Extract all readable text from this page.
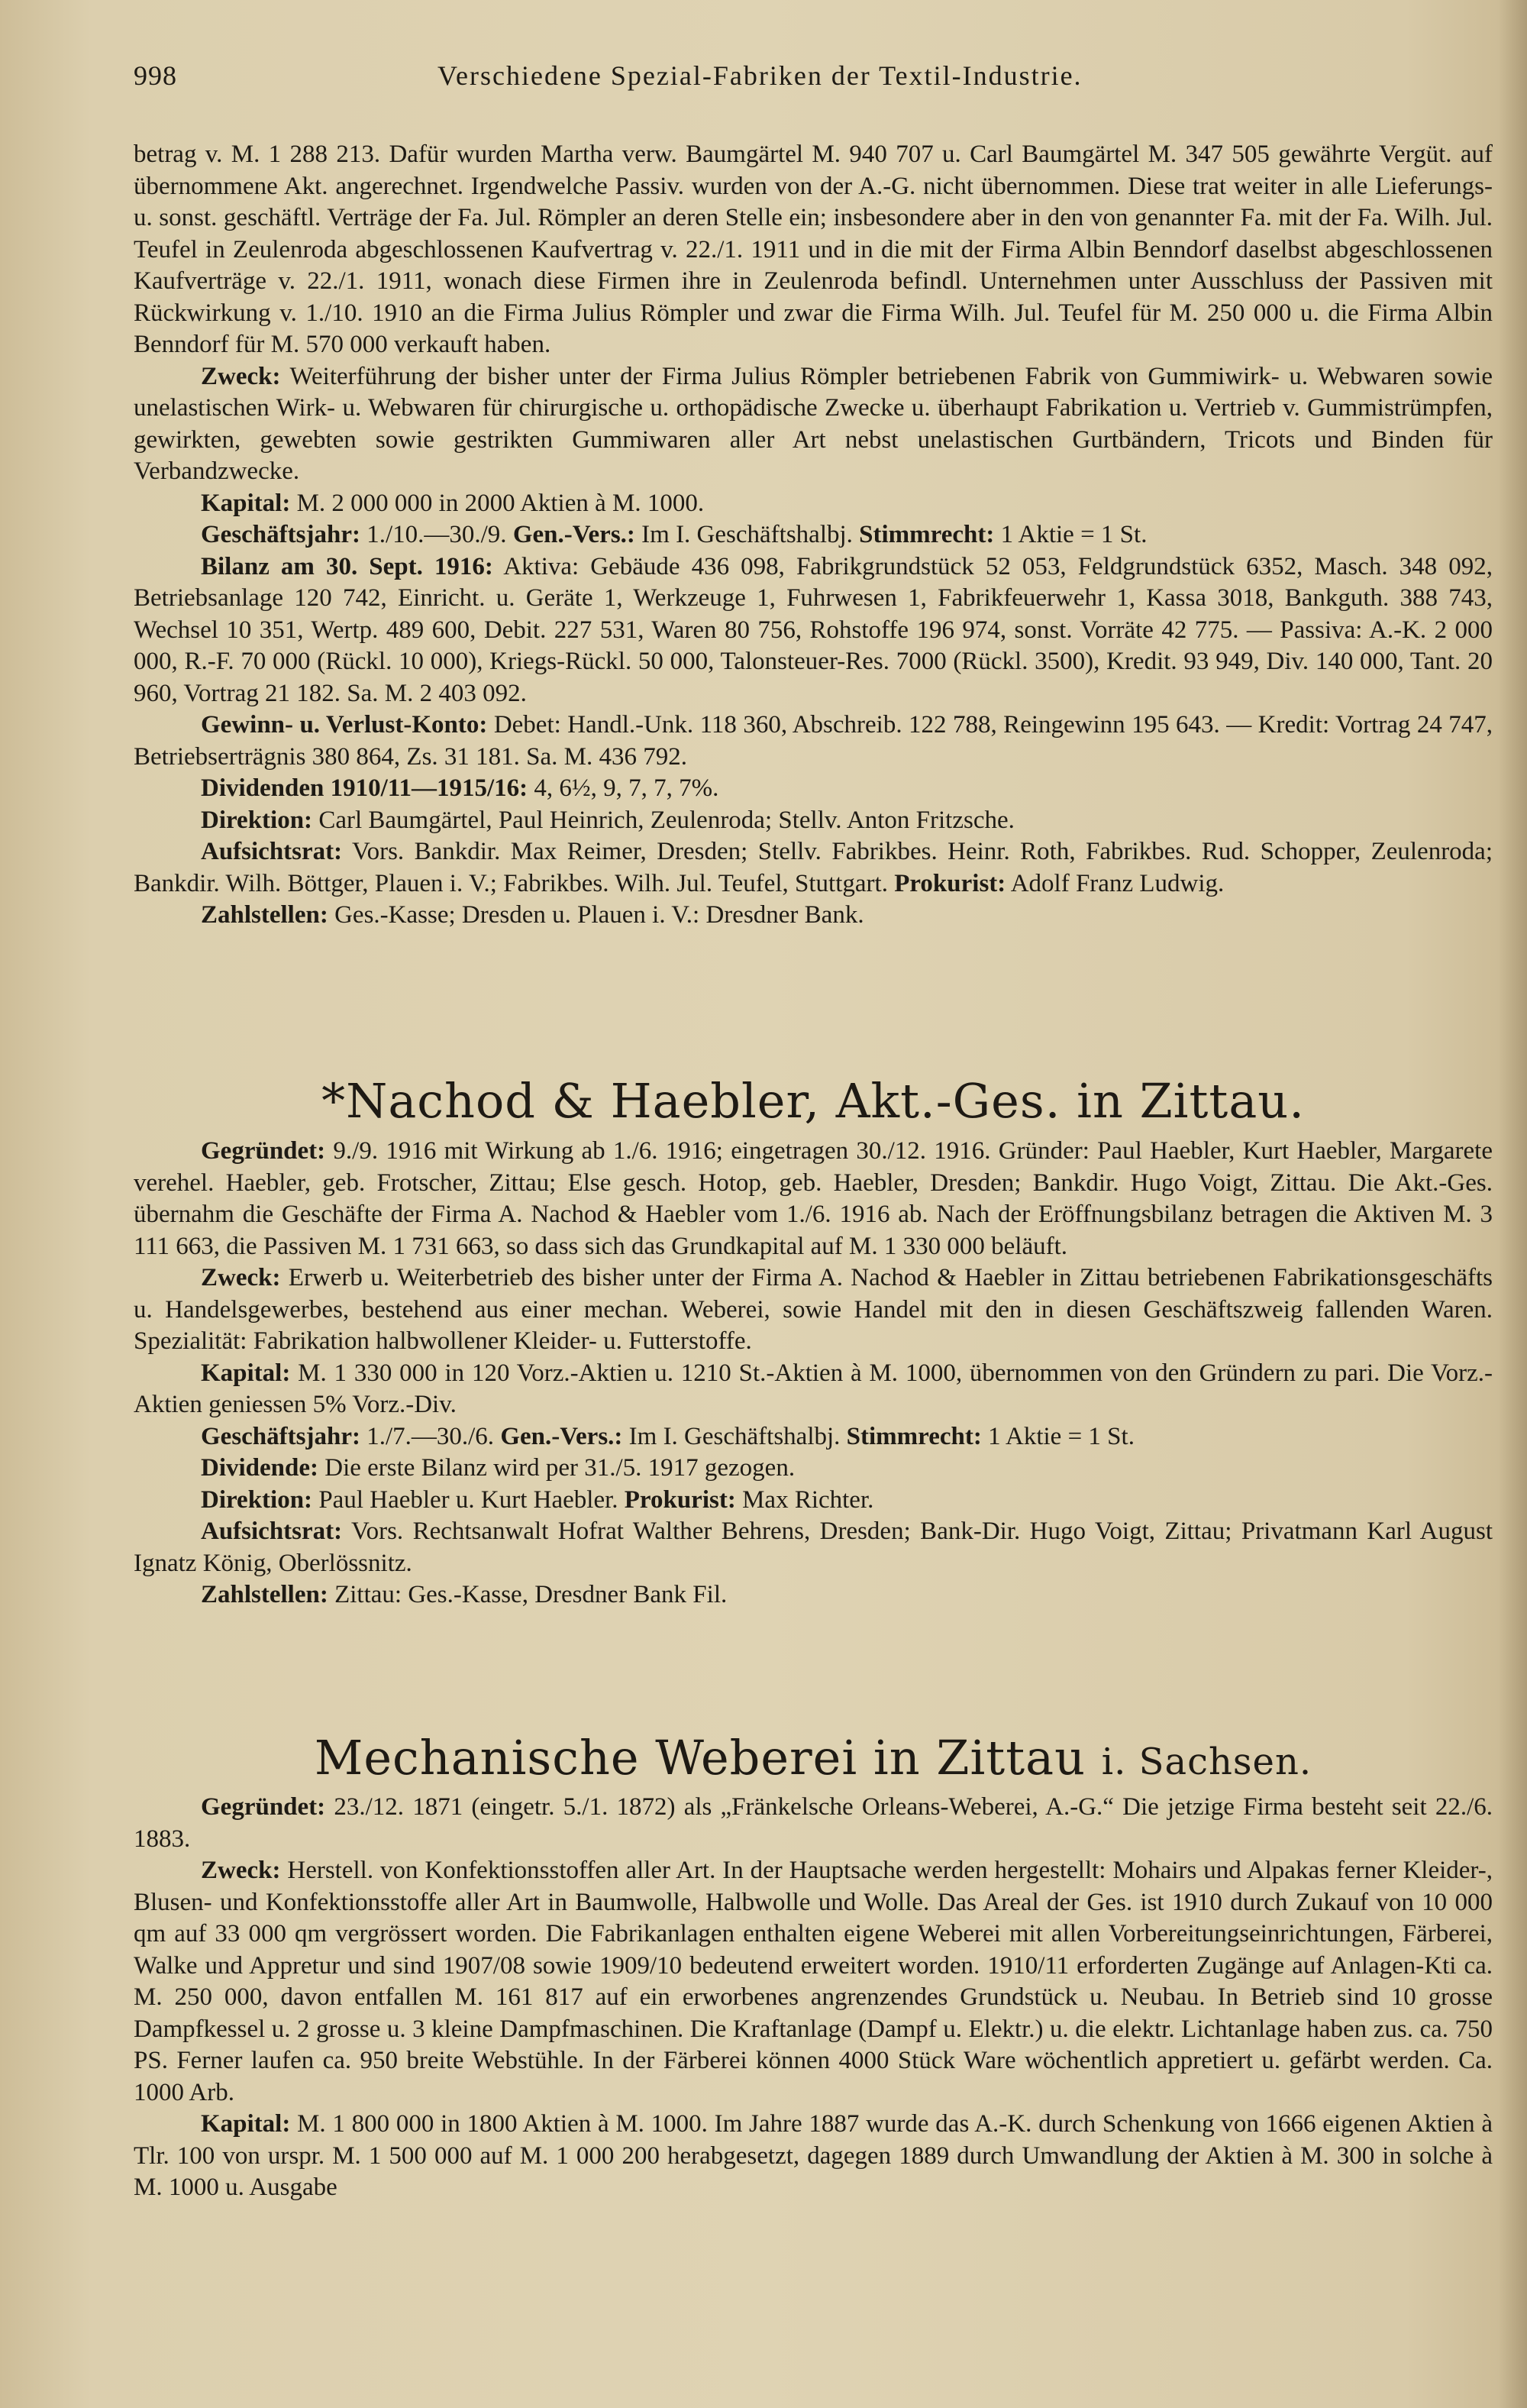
998	Verschiedene Spezial-Fabriken der Textil-Industrie.

betrag v. M. 1 288 213. Dafür wurden Martha verw. Baumgärtel M. 940 707 u. Carl Baumgärtel M. 347 505 gewährte Vergüt. auf übernommene Akt. angerechnet. Irgendwelche Passiv. wurden von der A.-G. nicht übernommen. Diese trat weiter in alle Lieferungs- u. sonst. geschäftl. Verträge der Fa. Jul. Römpler an deren Stelle ein; insbesondere aber in den von genannter Fa. mit der Fa. Wilh. Jul. Teufel in Zeulenroda abgeschlossenen Kaufvertrag v. 22./1. 1911 und in die mit der Firma Albin Benndorf daselbst abgeschlossenen Kaufverträge v. 22./1. 1911, wonach diese Firmen ihre in Zeulenroda befindl. Unternehmen unter Ausschluss der Passiven mit Rückwirkung v. 1./10. 1910 an die Firma Julius Römpler und zwar die Firma Wilh. Jul. Teufel für M. 250 000 u. die Firma Albin Benndorf für M. 570 000 verkauft haben.

Zweck: Weiterführung der bisher unter der Firma Julius Römpler betriebenen Fabrik von Gummiwirk- u. Webwaren sowie unelastischen Wirk- u. Webwaren für chirurgische u. orthopädische Zwecke u. überhaupt Fabrikation u. Vertrieb v. Gummistrümpfen, gewirkten, gewebten sowie gestrikten Gummiwaren aller Art nebst unelastischen Gurtbändern, Tricots und Binden für Verbandzwecke.

Kapital: M. 2 000 000 in 2000 Aktien à M. 1000.

Geschäftsjahr: 1./10.—30./9. Gen.-Vers.: Im I. Geschäftshalbj. Stimmrecht: 1 Aktie = 1 St.

Bilanz am 30. Sept. 1916: Aktiva: Gebäude 436 098, Fabrikgrundstück 52 053, Feldgrundstück 6352, Masch. 348 092, Betriebsanlage 120 742, Einricht. u. Geräte 1, Werkzeuge 1, Fuhrwesen 1, Fabrikfeuerwehr 1, Kassa 3018, Bankguth. 388 743, Wechsel 10 351, Wertp. 489 600, Debit. 227 531, Waren 80 756, Rohstoffe 196 974, sonst. Vorräte 42 775. — Passiva: A.-K. 2 000 000, R.-F. 70 000 (Rückl. 10 000), Kriegs-Rückl. 50 000, Talonsteuer-Res. 7000 (Rückl. 3500), Kredit. 93 949, Div. 140 000, Tant. 20 960, Vortrag 21 182. Sa. M. 2 403 092.

Gewinn- u. Verlust-Konto: Debet: Handl.-Unk. 118 360, Abschreib. 122 788, Reingewinn 195 643. — Kredit: Vortrag 24 747, Betriebserträgnis 380 864, Zs. 31 181. Sa. M. 436 792.

Dividenden 1910/11—1915/16: 4, 6½, 9, 7, 7, 7%.

Direktion: Carl Baumgärtel, Paul Heinrich, Zeulenroda; Stellv. Anton Fritzsche.

Aufsichtsrat: Vors. Bankdir. Max Reimer, Dresden; Stellv. Fabrikbes. Heinr. Roth, Fabrikbes. Rud. Schopper, Zeulenroda; Bankdir. Wilh. Böttger, Plauen i. V.; Fabrikbes. Wilh. Jul. Teufel, Stuttgart. Prokurist: Adolf Franz Ludwig.

Zahlstellen: Ges.-Kasse; Dresden u. Plauen i. V.: Dresdner Bank.

*Nachod & Haebler, Akt.-Ges. in Zittau.

Gegründet: 9./9. 1916 mit Wirkung ab 1./6. 1916; eingetragen 30./12. 1916. Gründer: Paul Haebler, Kurt Haebler, Margarete verehel. Haebler, geb. Frotscher, Zittau; Else gesch. Hotop, geb. Haebler, Dresden; Bankdir. Hugo Voigt, Zittau. Die Akt.-Ges. übernahm die Geschäfte der Firma A. Nachod & Haebler vom 1./6. 1916 ab. Nach der Eröffnungsbilanz betragen die Aktiven M. 3 111 663, die Passiven M. 1 731 663, so dass sich das Grundkapital auf M. 1 330 000 beläuft.

Zweck: Erwerb u. Weiterbetrieb des bisher unter der Firma A. Nachod & Haebler in Zittau betriebenen Fabrikationsgeschäfts u. Handelsgewerbes, bestehend aus einer mechan. Weberei, sowie Handel mit den in diesen Geschäftszweig fallenden Waren. Spezialität: Fabrikation halbwollener Kleider- u. Futterstoffe.

Kapital: M. 1 330 000 in 120 Vorz.-Aktien u. 1210 St.-Aktien à M. 1000, übernommen von den Gründern zu pari. Die Vorz.-Aktien geniessen 5% Vorz.-Div.

Geschäftsjahr: 1./7.—30./6. Gen.-Vers.: Im I. Geschäftshalbj. Stimmrecht: 1 Aktie = 1 St.

Dividende: Die erste Bilanz wird per 31./5. 1917 gezogen.

Direktion: Paul Haebler u. Kurt Haebler. Prokurist: Max Richter.

Aufsichtsrat: Vors. Rechtsanwalt Hofrat Walther Behrens, Dresden; Bank-Dir. Hugo Voigt, Zittau; Privatmann Karl August Ignatz König, Oberlössnitz.

Zahlstellen: Zittau: Ges.-Kasse, Dresdner Bank Fil.

Mechanische Weberei in Zittau i. Sachsen.

Gegründet: 23./12. 1871 (eingetr. 5./1. 1872) als „Fränkelsche Orleans-Weberei, A.-G.“ Die jetzige Firma besteht seit 22./6. 1883.

Zweck: Herstell. von Konfektionsstoffen aller Art. In der Hauptsache werden hergestellt: Mohairs und Alpakas ferner Kleider-, Blusen- und Konfektionsstoffe aller Art in Baumwolle, Halbwolle und Wolle. Das Areal der Ges. ist 1910 durch Zukauf von 10 000 qm auf 33 000 qm vergrössert worden. Die Fabrikanlagen enthalten eigene Weberei mit allen Vorbereitungseinrichtungen, Färberei, Walke und Appretur und sind 1907/08 sowie 1909/10 bedeutend erweitert worden. 1910/11 erforderten Zugänge auf Anlagen-Kti ca. M. 250 000, davon entfallen M. 161 817 auf ein erworbenes angrenzendes Grundstück u. Neubau. In Betrieb sind 10 grosse Dampfkessel u. 2 grosse u. 3 kleine Dampfmaschinen. Die Kraftanlage (Dampf u. Elektr.) u. die elektr. Lichtanlage haben zus. ca. 750 PS. Ferner laufen ca. 950 breite Webstühle. In der Färberei können 4000 Stück Ware wöchentlich appretiert u. gefärbt werden. Ca. 1000 Arb.

Kapital: M. 1 800 000 in 1800 Aktien à M. 1000. Im Jahre 1887 wurde das A.-K. durch Schenkung von 1666 eigenen Aktien à Tlr. 100 von urspr. M. 1 500 000 auf M. 1 000 200 herabgesetzt, dagegen 1889 durch Umwandlung der Aktien à M. 300 in solche à M. 1000 u. Ausgabe
